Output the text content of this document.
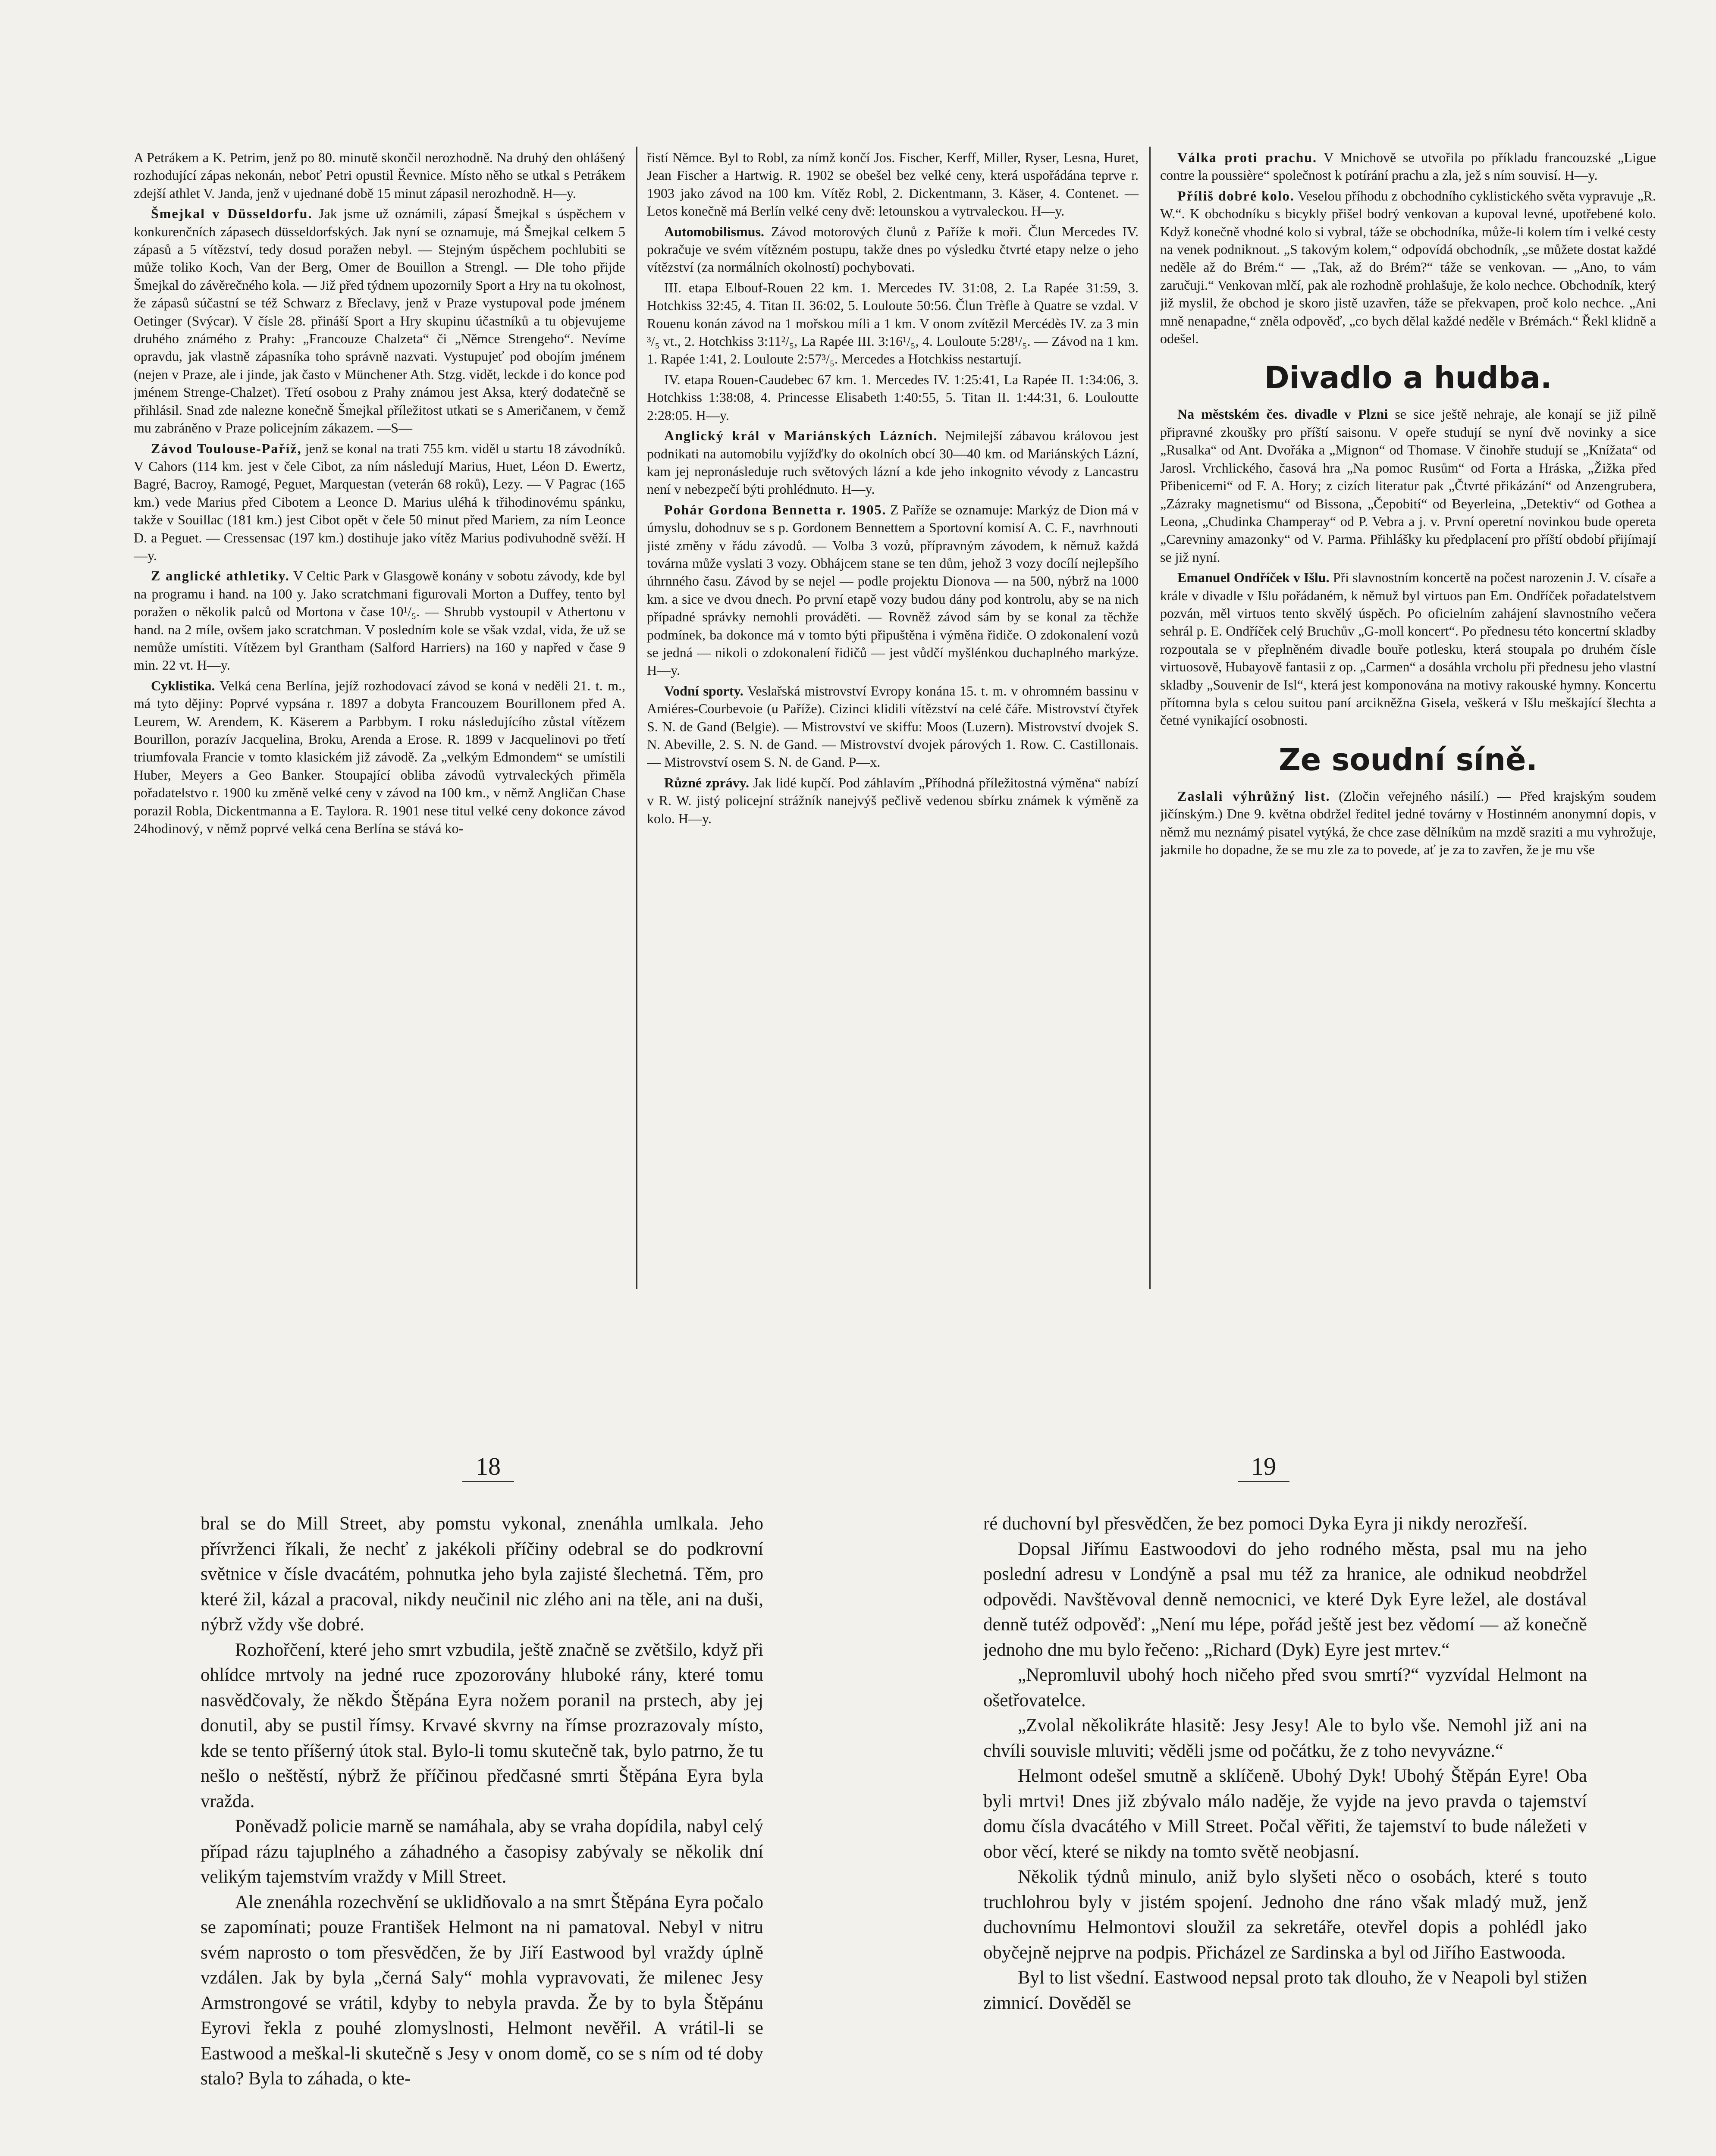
A Petrákem a K. Petrim, jenž po 80. minutě skončil nerozhodně. Na druhý den ohlášený rozhodující zápas nekonán, neboť Petri opustil Řevnice. Místo něho se utkal s Petrákem zdejší athlet V. Janda, jenž v ujednané době 15 minut zápasil nerozhodně. H—y.

Šmejkal v Düsseldorfu. Jak jsme už oznámili, zápasí Šmejkal s úspěchem v konkurenčních zápasech düsseldorfských. Jak nyní se oznamuje, má Šmejkal celkem 5 zápasů a 5 vítězství, tedy dosud poražen nebyl. — Stejným úspěchem pochlubiti se může toliko Koch, Van der Berg, Omer de Bouillon a Strengl. — Dle toho přijde Šmejkal do závěrečného kola. — Již před týdnem upozornily Sport a Hry na tu okolnost, že zápasů súčastní se též Schwarz z Břeclavy, jenž v Praze vystupoval pode jménem Oetinger (Svýcar). V čísle 28. přináší Sport a Hry skupinu účastníků a tu objevujeme druhého známého z Prahy: „Francouze Chalzeta“ či „Němce Strengeho“. Nevíme opravdu, jak vlastně zápasníka toho správně nazvati. Vystupujeť pod obojím jménem (nejen v Praze, ale i jinde, jak často v Münchener Ath. Stzg. vidět, leckde i do konce pod jménem Strenge-Chalzet). Třetí osobou z Prahy známou jest Aksa, který dodatečně se přihlásil. Snad zde nalezne konečně Šmejkal příležitost utkati se s Američanem, v čemž mu zabráněno v Praze policejním zákazem. —S—

Závod Toulouse-Paříž, jenž se konal na trati 755 km. viděl u startu 18 závodníků. V Cahors (114 km. jest v čele Cibot, za ním následují Marius, Huet, Léon D. Ewertz, Bagré, Bacroy, Ramogé, Peguet, Marquestan (veterán 68 roků), Lezy. — V Pagrac (165 km.) vede Marius před Cibotem a Leonce D. Marius uléhá k třihodinovému spánku, takže v Souillac (181 km.) jest Cibot opět v čele 50 minut před Mariem, za ním Leonce D. a Peguet. — Cressensac (197 km.) dostihuje jako vítěz Marius podivuhodně svěží. H—y.

Z anglické athletiky. V Celtic Park v Glasgowě konány v sobotu závody, kde byl na programu i hand. na 100 y. Jako scratchmani figurovali Morton a Duffey, tento byl poražen o několik palců od Mortona v čase 10¹/₅. — Shrubb vystoupil v Athertonu v hand. na 2 míle, ovšem jako scratchman. V posledním kole se však vzdal, vida, že už se nemůže umístiti. Vítězem byl Grantham (Salford Harriers) na 160 y napřed v čase 9 min. 22 vt. H—y.

Cyklistika. Velká cena Berlína, jejíž rozhodovací závod se koná v neděli 21. t. m., má tyto dějiny: Poprvé vypsána r. 1897 a dobyta Francouzem Bourillonem před A. Leurem, W. Arendem, K. Käserem a Parbbym. I roku následujícího zůstal vítězem Bourillon, porazív Jacquelina, Broku, Arenda a Erose. R. 1899 v Jacquelinovi po třetí triumfovala Francie v tomto klasickém již závodě. Za „velkým Edmondem“ se umístili Huber, Meyers a Geo Banker. Stoupající obliba závodů vytrvaleckých přiměla pořadatelstvo r. 1900 ku změně velké ceny v závod na 100 km., v němž Angličan Chase porazil Robla, Dickentmanna a E. Taylora. R. 1901 nese titul velké ceny dokonce závod 24hodinový, v němž poprvé velká cena Berlína se stává ko-

řistí Němce. Byl to Robl, za nímž končí Jos. Fischer, Kerff, Miller, Ryser, Lesna, Huret, Jean Fischer a Hartwig. R. 1902 se obešel bez velké ceny, která uspořádána teprve r. 1903 jako závod na 100 km. Vítěz Robl, 2. Dickentmann, 3. Käser, 4. Contenet. — Letos konečně má Berlín velké ceny dvě: letounskou a vytrvaleckou. H—y.

Automobilismus. Závod motorových člunů z Paříže k moři. Člun Mercedes IV. pokračuje ve svém vítězném postupu, takže dnes po výsledku čtvrté etapy nelze o jeho vítězství (za normálních okolností) pochybovati.

III. etapa Elbouf-Rouen 22 km. 1. Mercedes IV. 31:08, 2. La Rapée 31:59, 3. Hotchkiss 32:45, 4. Titan II. 36:02, 5. Louloute 50:56. Člun Trèfle à Quatre se vzdal. V Rouenu konán závod na 1 mořskou míli a 1 km. V onom zvítězil Mercédès IV. za 3 min ³/₅ vt., 2. Hotchkiss 3:11²/₅, La Rapée III. 3:16¹/₅, 4. Louloute 5:28¹/₅. — Závod na 1 km. 1. Rapée 1:41, 2. Louloute 2:57³/₅. Mercedes a Hotchkiss nestartují.

IV. etapa Rouen-Caudebec 67 km. 1. Mercedes IV. 1:25:41, La Rapée II. 1:34:06, 3. Hotchkiss 1:38:08, 4. Princesse Elisabeth 1:40:55, 5. Titan II. 1:44:31, 6. Louloutte 2:28:05. H—y.

Anglický král v Mariánských Lázních. Nejmilejší zábavou královou jest podnikati na automobilu vyjížďky do okolních obcí 30—40 km. od Mariánských Lázní, kam jej nepronásleduje ruch světových lázní a kde jeho inkognito vévody z Lancastru není v nebezpečí býti prohlédnuto. H—y.

Pohár Gordona Bennetta r. 1905. Z Paříže se oznamuje: Markýz de Dion má v úmyslu, dohodnuv se s p. Gordonem Bennettem a Sportovní komisí A. C. F., navrhnouti jisté změny v řádu závodů. — Volba 3 vozů, přípravným závodem, k němuž každá továrna může vyslati 3 vozy. Obhájcem stane se ten dům, jehož 3 vozy docílí nejlepšího úhrnného času. Závod by se nejel — podle projektu Dionova — na 500, nýbrž na 1000 km. a sice ve dvou dnech. Po první etapě vozy budou dány pod kontrolu, aby se na nich případné správky nemohli prováděti. — Rovněž závod sám by se konal za těchže podmínek, ba dokonce má v tomto býti připuštěna i výměna řidiče. O zdokonalení vozů se jedná — nikoli o zdokonalení řidičů — jest vůdčí myšlénkou duchaplného markýze. H—y.

Vodní sporty. Veslařská mistrovství Evropy konána 15. t. m. v ohromném bassinu v Amiéres-Courbevoie (u Paříže). Cizinci klidili vítězství na celé čáře. Mistrovství čtyřek S. N. de Gand (Belgie). — Mistrovství ve skiffu: Moos (Luzern). Mistrovství dvojek S. N. Abeville, 2. S. N. de Gand. — Mistrovství dvojek párových 1. Row. C. Castillonais. — Mistrovství osem S. N. de Gand. P—x.

Různé zprávy. Jak lidé kupčí. Pod záhlavím „Příhodná příležitostná výměna“ nabízí v R. W. jistý policejní strážník nanejvýš pečlivě vedenou sbírku známek k výměně za kolo. H—y.

Válka proti prachu. V Mnichově se utvořila po příkladu francouzské „Ligue contre la poussière“ společnost k potírání prachu a zla, jež s ním souvisí. H—y.

Příliš dobré kolo. Veselou příhodu z obchodního cyklistického světa vypravuje „R. W.“. K obchodníku s bicykly přišel bodrý venkovan a kupoval levné, upotřebené kolo. Když konečně vhodné kolo si vybral, táže se obchodníka, může-li kolem tím i velké cesty na venek podniknout. „S takovým kolem,“ odpovídá obchodník, „se můžete dostat každé neděle až do Brém.“ — „Tak, až do Brém?“ táže se venkovan. — „Ano, to vám zaručuji.“ Venkovan mlčí, pak ale rozhodně prohlašuje, že kolo nechce. Obchodník, který již myslil, že obchod je skoro jistě uzavřen, táže se překvapen, proč kolo nechce. „Ani mně nenapadne,“ zněla odpověď, „co bych dělal každé neděle v Brémách.“ Řekl klidně a odešel.

Divadlo a hudba.

Na městském čes. divadle v Plzni se sice ještě nehraje, ale konají se již pilně připravné zkoušky pro příští saisonu. V opeře studují se nyní dvě novinky a sice „Rusalka“ od Ant. Dvořáka a „Mignon“ od Thomase. V činohře studují se „Knížata“ od Jarosl. Vrchlického, časová hra „Na pomoc Rusům“ od Forta a Hráska, „Žižka před Přibenicemi“ od F. A. Hory; z cizích literatur pak „Čtvrté přikázání“ od Anzengrubera, „Zázraky magnetismu“ od Bissona, „Čepobití“ od Beyerleina, „Detektiv“ od Gothea a Leona, „Chudinka Champeray“ od P. Vebra a j. v. První operetní novinkou bude opereta „Carevniny amazonky“ od V. Parma. Přihlášky ku předplacení pro příští období přijímají se již nyní.

Emanuel Ondříček v Išlu. Při slavnostním koncertě na počest narozenin J. V. císaře a krále v divadle v Išlu pořádaném, k němuž byl virtuos pan Em. Ondříček pořadatelstvem pozván, měl virtuos tento skvělý úspěch. Po oficielním zahájení slavnostního večera sehrál p. E. Ondříček celý Bruchův „G-moll koncert“. Po přednesu této koncertní skladby rozpoutala se v přeplněném divadle bouře potlesku, která stoupala po druhém čísle virtuosově, Hubayově fantasii z op. „Carmen“ a dosáhla vrcholu při přednesu jeho vlastní skladby „Souvenir de Isl“, která jest komponována na motivy rakouské hymny. Koncertu přítomna byla s celou suitou paní arcikněžna Gisela, veškerá v Išlu meškající šlechta a četné vynikající osobnosti.

Ze soudní síně.

Zaslali výhrůžný list. (Zločin veřejného násilí.) — Před krajským soudem jičínským.) Dne 9. května obdržel ředitel jedné továrny v Hostinném anonymní dopis, v němž mu neznámý pisatel vytýká, že chce zase dělníkům na mzdě sraziti a mu vyhrožuje, jakmile ho dopadne, že se mu zle za to povede, ať je za to zavřen, že je mu vše

18	19

bral se do Mill Street, aby pomstu vykonal, znenáhla umlkala. Jeho přívrženci říkali, že nechť z jakékoli příčiny odebral se do podkrovní světnice v čísle dvacátém, pohnutka jeho byla zajisté šlechetná. Těm, pro které žil, kázal a pracoval, nikdy neučinil nic zlého ani na těle, ani na duši, nýbrž vždy vše dobré.

Rozhořčení, které jeho smrt vzbudila, ještě značně se zvětšilo, když při ohlídce mrtvoly na jedné ruce zpozorovány hluboké rány, které tomu nasvědčovaly, že někdo Štěpána Eyra nožem poranil na prstech, aby jej donutil, aby se pustil římsy. Krvavé skvrny na římse prozrazovaly místo, kde se tento příšerný útok stal. Bylo-li tomu skutečně tak, bylo patrno, že tu nešlo o neštěstí, nýbrž že příčinou předčasné smrti Štěpána Eyra byla vražda.

Poněvadž policie marně se namáhala, aby se vraha dopídila, nabyl celý případ rázu tajuplného a záhadného a časopisy zabývaly se několik dní velikým tajemstvím vraždy v Mill Street.

Ale znenáhla rozechvění se uklidňovalo a na smrt Štěpána Eyra počalo se zapomínati; pouze František Helmont na ni pamatoval. Nebyl v nitru svém naprosto o tom přesvědčen, že by Jiří Eastwood byl vraždy úplně vzdálen. Jak by byla „černá Saly“ mohla vypravovati, že milenec Jesy Armstrongové se vrátil, kdyby to nebyla pravda. Že by to byla Štěpánu Eyrovi řekla z pouhé zlomyslnosti, Helmont nevěřil. A vrátil-li se Eastwood a meškal-li skutečně s Jesy v onom domě, co se s ním od té doby stalo? Byla to záhada, o kte-

ré duchovní byl přesvědčen, že bez pomoci Dyka Eyra ji nikdy nerozřeší.

Dopsal Jiřímu Eastwoodovi do jeho rodného města, psal mu na jeho poslední adresu v Londýně a psal mu též za hranice, ale odnikud neobdržel odpovědi. Navštěvoval denně nemocnici, ve které Dyk Eyre ležel, ale dostával denně tutéž odpověď: „Není mu lépe, pořád ještě jest bez vědomí — až konečně jednoho dne mu bylo řečeno: „Richard (Dyk) Eyre jest mrtev.“

„Nepromluvil ubohý hoch ničeho před svou smrtí?“ vyzvídal Helmont na ošetřovatelce.

„Zvolal několikráte hlasitě: Jesy Jesy! Ale to bylo vše. Nemohl již ani na chvíli souvisle mluviti; věděli jsme od počátku, že z toho nevyvázne.“

Helmont odešel smutně a sklíčeně. Ubohý Dyk! Ubohý Štěpán Eyre! Oba byli mrtvi! Dnes již zbývalo málo naděje, že vyjde na jevo pravda o tajemství domu čísla dvacátého v Mill Street. Počal věřiti, že tajemství to bude náležeti v obor věcí, které se nikdy na tomto světě neobjasní.

Několik týdnů minulo, aniž bylo slyšeti něco o osobách, které s touto truchlohrou byly v jistém spojení. Jednoho dne ráno však mladý muž, jenž duchovnímu Helmontovi sloužil za sekretáře, otevřel dopis a pohlédl jako obyčejně nejprve na podpis. Přicházel ze Sardinska a byl od Jiřího Eastwooda.

Byl to list všední. Eastwood nepsal proto tak dlouho, že v Neapoli byl stižen zimnicí. Dověděl se
